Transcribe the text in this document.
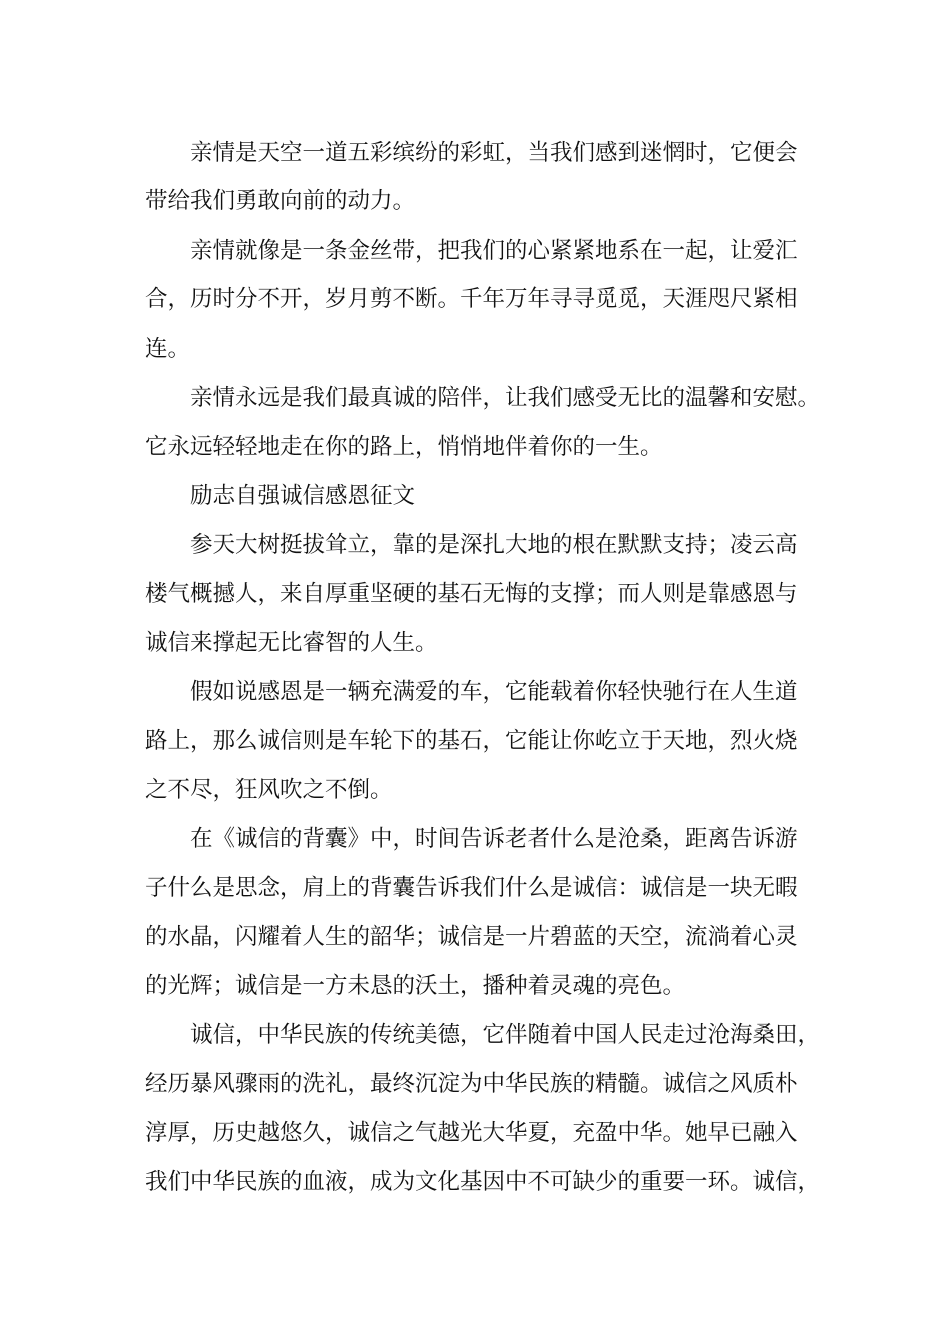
亲情是天空一道五彩缤纷的彩虹，当我们感到迷惘时，它便会
带给我们勇敢向前的动力。
亲情就像是一条金丝带，把我们的心紧紧地系在一起，让爱汇
合，历时分不开，岁月剪不断。千年万年寻寻觅觅，天涯咫尺紧相
连。
亲情永远是我们最真诚的陪伴，让我们感受无比的温馨和安慰。
它永远轻轻地走在你的路上，悄悄地伴着你的一生。
励志自强诚信感恩征文
参天大树挺拔耸立，靠的是深扎大地的根在默默支持；凌云高
楼气概撼人，来自厚重坚硬的基石无悔的支撑；而人则是靠感恩与
诚信来撑起无比睿智的人生。
假如说感恩是一辆充满爱的车，它能载着你轻快驰行在人生道
路上，那么诚信则是车轮下的基石，它能让你屹立于天地，烈火烧
之不尽，狂风吹之不倒。
在《诚信的背囊》中，时间告诉老者什么是沧桑，距离告诉游
子什么是思念，肩上的背囊告诉我们什么是诚信：诚信是一块无暇
的水晶，闪耀着人生的韶华；诚信是一片碧蓝的天空，流淌着心灵
的光辉；诚信是一方未恳的沃土，播种着灵魂的亮色。
诚信，中华民族的传统美德，它伴随着中国人民走过沧海桑田，
经历暴风骤雨的洗礼，最终沉淀为中华民族的精髓。诚信之风质朴
淳厚，历史越悠久，诚信之气越光大华夏，充盈中华。她早已融入
我们中华民族的血液，成为文化基因中不可缺少的重要一环。诚信，
